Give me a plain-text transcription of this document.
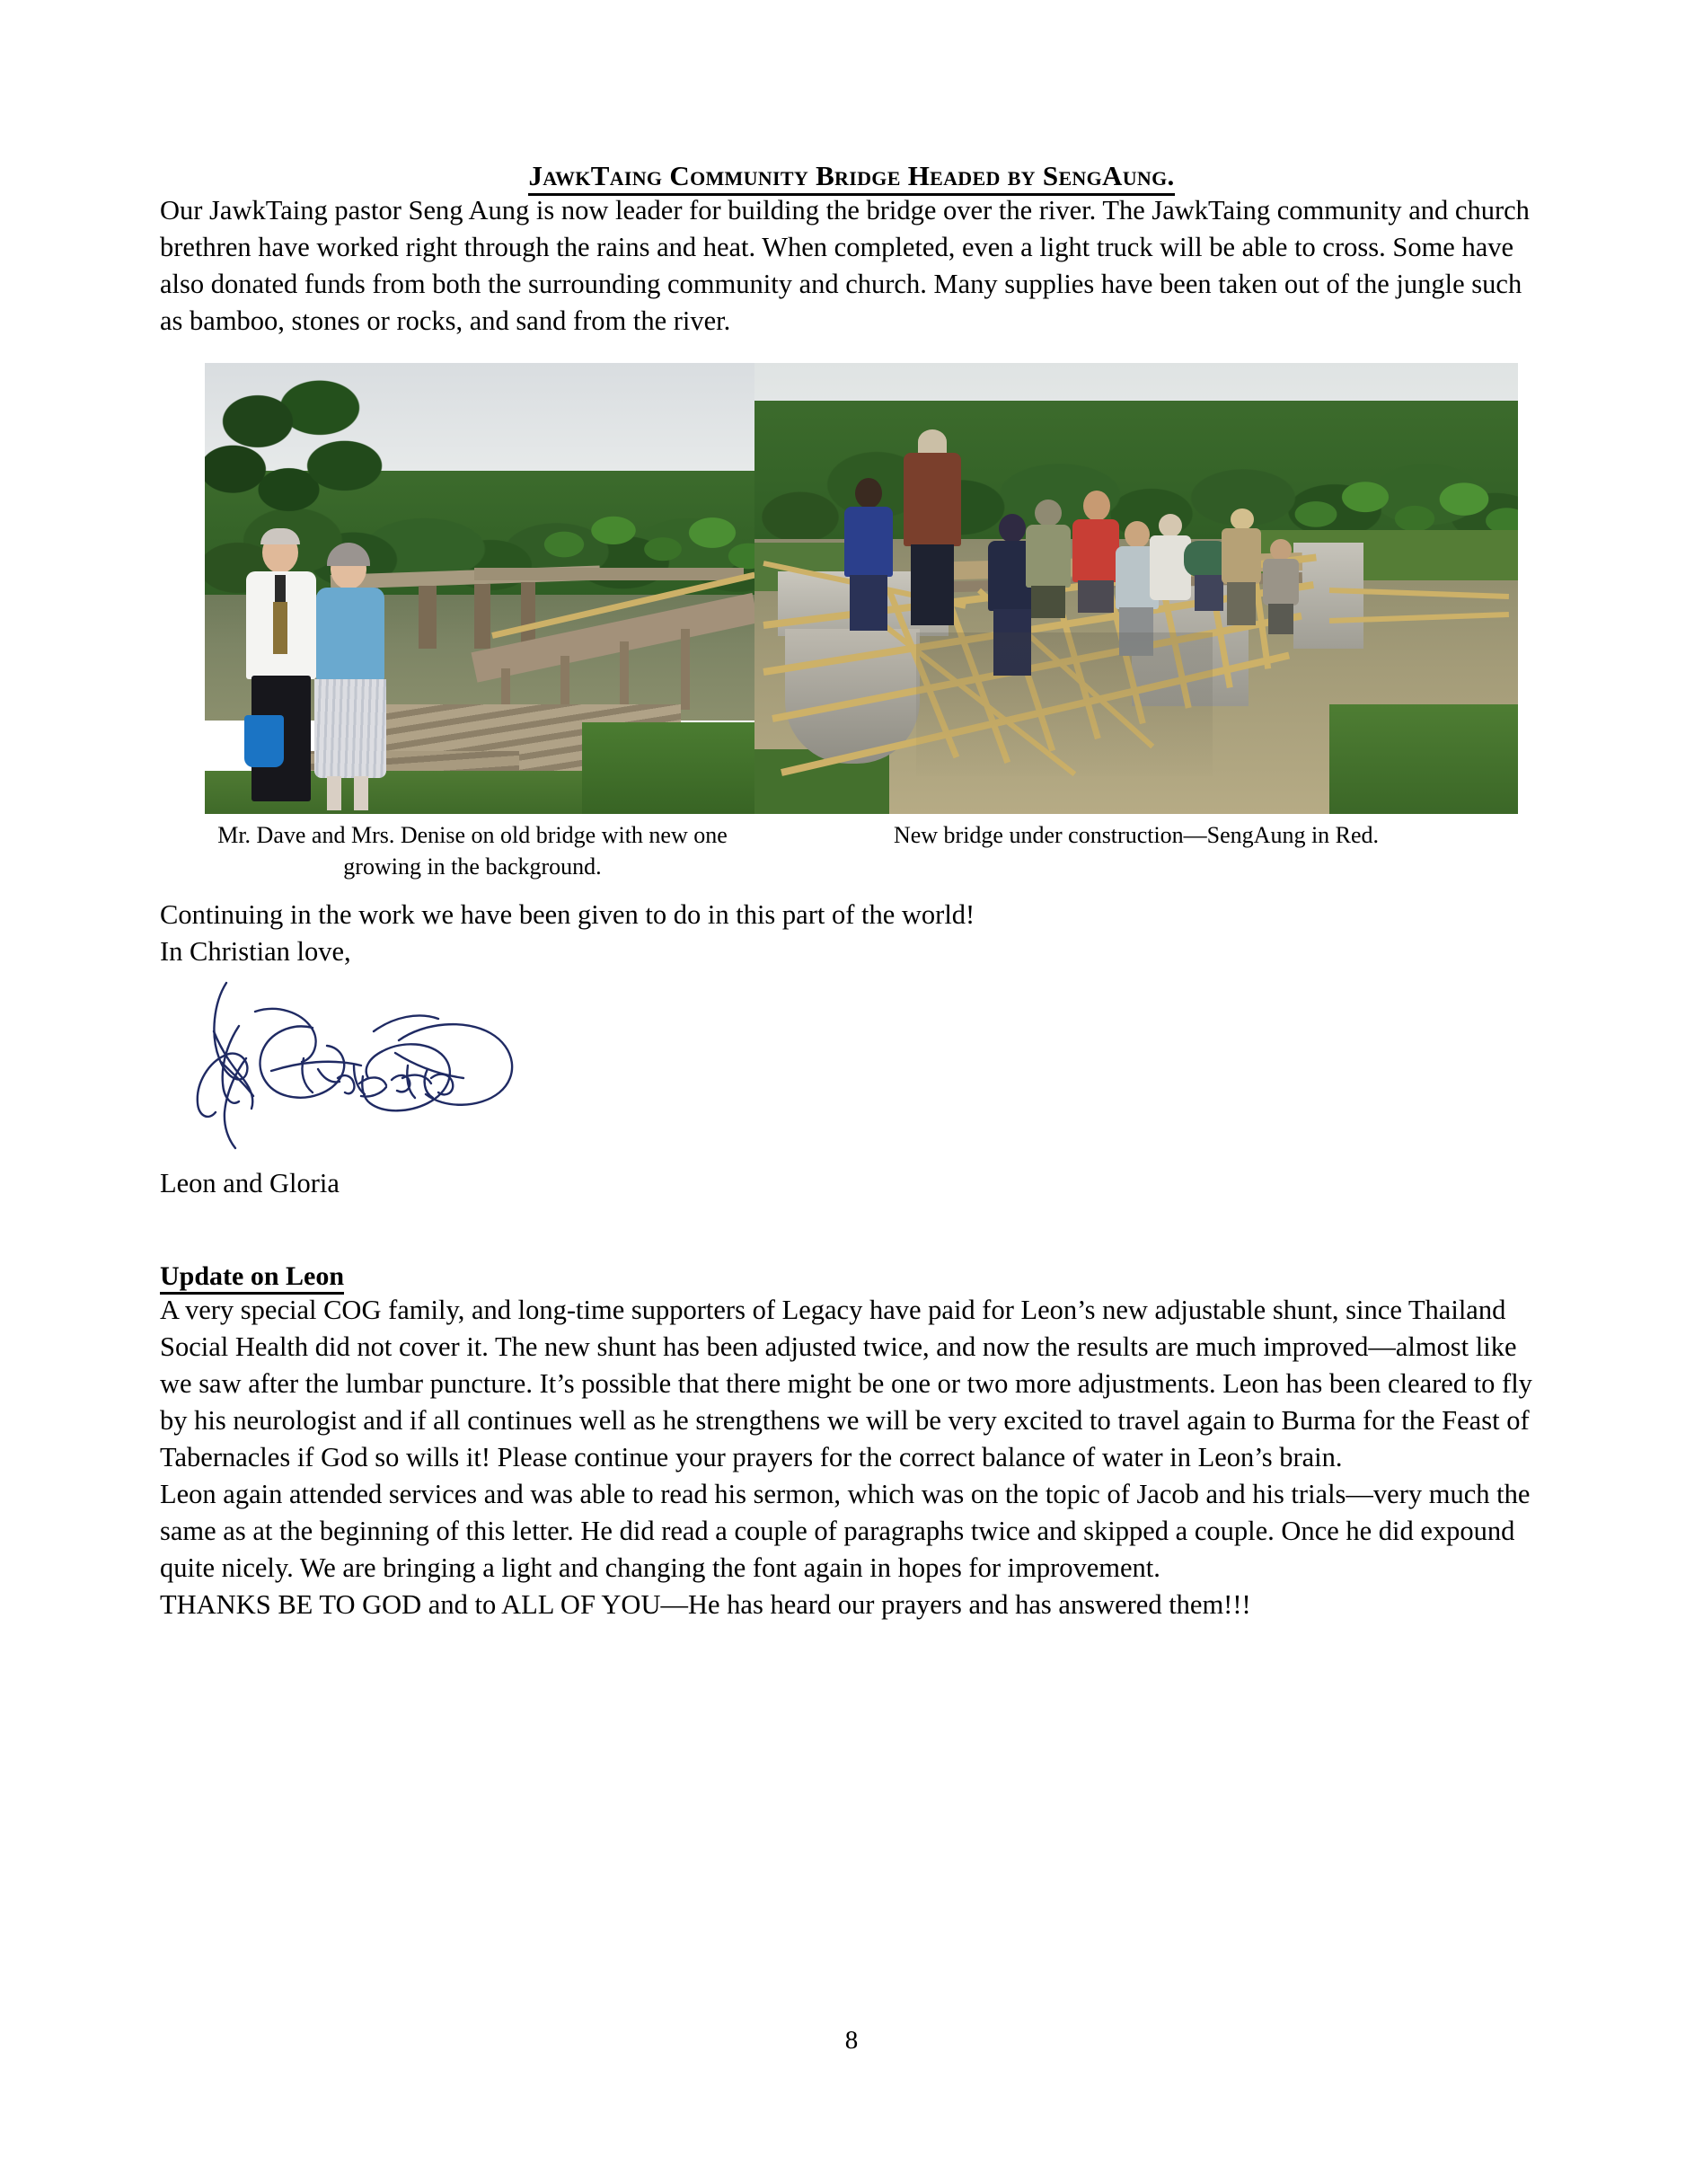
JawkTaing Community Bridge Headed by SengAung.

Our JawkTaing pastor Seng Aung is now leader for building the bridge over the river. The JawkTaing community and church brethren have worked right through the rains and heat. When completed, even a light truck will be able to cross. Some have also donated funds from both the surrounding community and church. Many supplies have been taken out of the jungle such as bamboo, stones or rocks, and sand from the river.

Mr. Dave and Mrs. Denise on old bridge with new one growing in the background.
New bridge under construction—SengAung in Red.

Continuing in the work we have been given to do in this part of the world!

In Christian love,

Leon and Gloria

Update on Leon

A very special COG family, and long-time supporters of Legacy have paid for Leon’s new adjustable shunt, since Thailand Social Health did not cover it. The new shunt has been adjusted twice, and now the results are much improved—almost like we saw after the lumbar puncture. It’s possible that there might be one or two more adjustments. Leon has been cleared to fly by his neurologist and if all continues well as he strengthens we will be very excited to travel again to Burma for the Feast of Tabernacles if God so wills it! Please continue your prayers for the correct balance of water in Leon’s brain.

Leon again attended services and was able to read his sermon, which was on the topic of Jacob and his trials—very much the same as at the beginning of this letter. He did read a couple of paragraphs twice and skipped a couple. Once he did expound quite nicely. We are bringing a light and changing the font again in hopes for improvement.

THANKS BE TO GOD and to ALL OF YOU—He has heard our prayers and has answered them!!!

8
